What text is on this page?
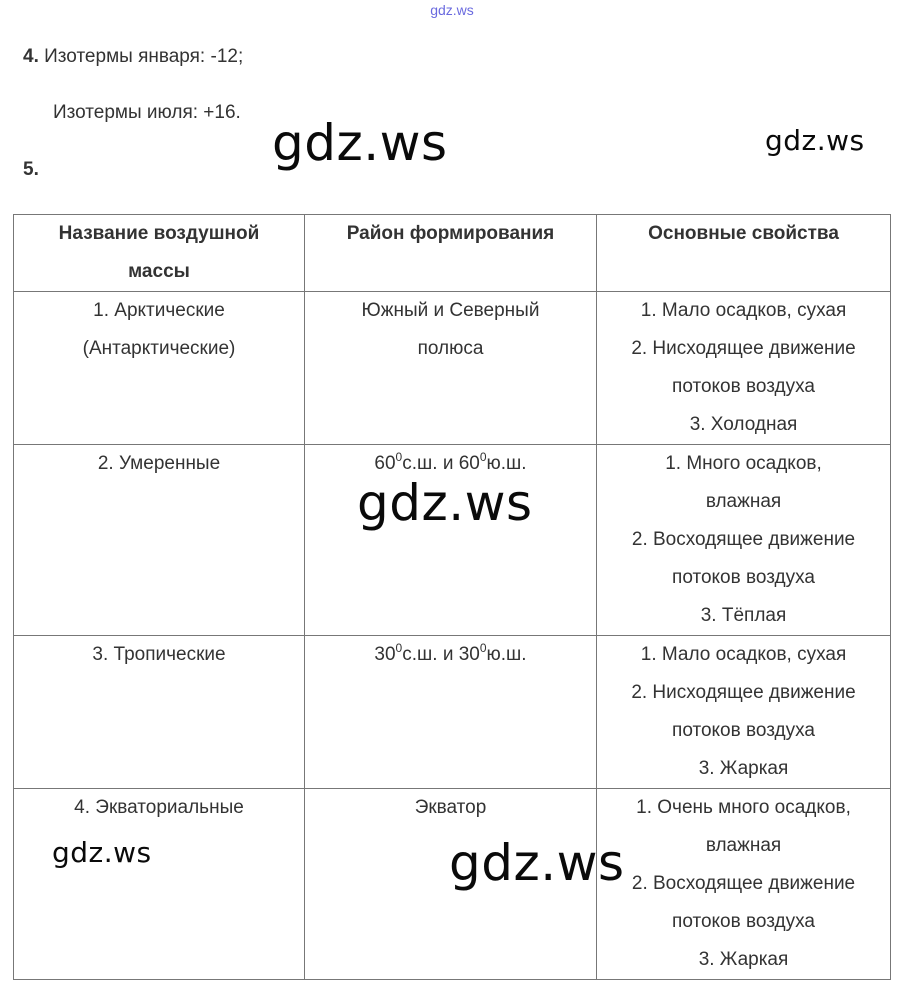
gdz.ws
4. Изотермы января: -12;
Изотермы июля: +16.
5.	gdz.ws	gdz.ws
gdz.ws
gdz.ws	gdz.ws
Название воздушной
массы	Район формирования	Основные свойства

1. Арктические
(Антарктические)	Южный и Северный
полюса	1. Мало осадков, сухая
2. Нисходящее движение
потоков воздуха
3. Холодная

2. Умеренные	$60^0с.ш$. и $60^0ю.ш$.	1. Много осадков,
влажная
2. Восходящее движение
потоков воздуха
3. Тёплая

3. Тропические	$30^0с.ш$. и $30^0ю.ш$.	1. Мало осадков, сухая
2. Нисходящее движение
потоков воздуха
3. Жаркая

4. Экваториальные	Экватор	1. Очень много осадков,
влажная
2. Восходящее движение
потоков воздуха
3. Жаркая
